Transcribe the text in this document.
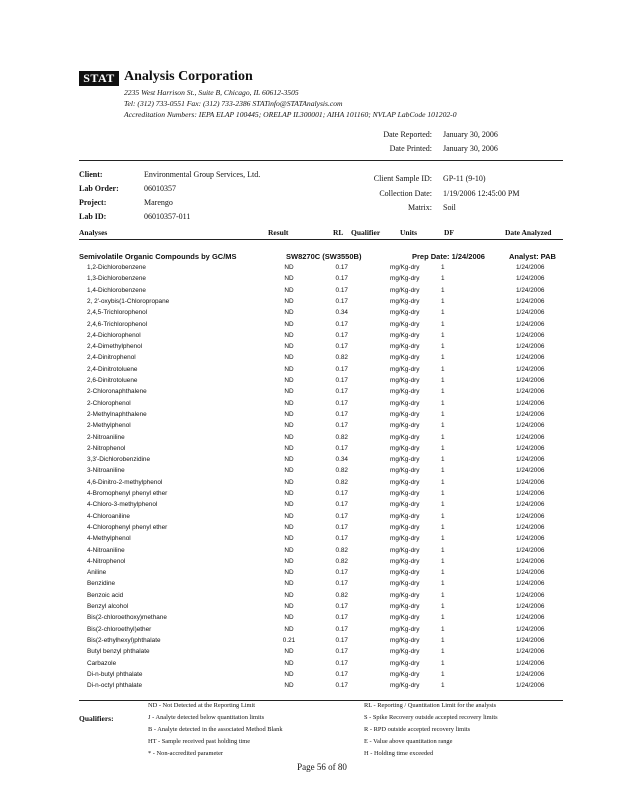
STAT Analysis Corporation
2235 West Harrison St., Suite B, Chicago, IL 60612-3505
Tel: (312) 733-0551 Fax: (312) 733-2386 STATinfo@STATAnalysis.com
Accreditation Numbers: IEPA ELAP 100445; ORELAP IL300001; AIHA 101160; NVLAP LabCode 101202-0
Date Reported: January 30, 2006
Date Printed: January 30, 2006
Client:	Environmental Group Services, Ltd.
Lab Order:	06010357
Project:	Marengo
Lab ID:	06010357-011
Client Sample ID: GP-11 (9-10)
Collection Date: 1/19/2006 12:45:00 PM
Matrix: Soil
Analyses	Result	RL Qualifier	Units	DF	Date Analyzed
Semivolatile Organic Compounds by GC/MS	SW8270C (SW3550B)	Prep Date: 1/24/2006	Analyst: PAB
1,2-Dichlorobenzene	ND	0.17	mg/Kg-dry	1	1/24/2006
1,3-Dichlorobenzene	ND	0.17	mg/Kg-dry	1	1/24/2006
1,4-Dichlorobenzene	ND	0.17	mg/Kg-dry	1	1/24/2006
2, 2'-oxybis(1-Chloropropane	ND	0.17	mg/Kg-dry	1	1/24/2006
2,4,5-Trichlorophenol	ND	0.34	mg/Kg-dry	1	1/24/2006
2,4,6-Trichlorophenol	ND	0.17	mg/Kg-dry	1	1/24/2006
2,4-Dichlorophenol	ND	0.17	mg/Kg-dry	1	1/24/2006
2,4-Dimethylphenol	ND	0.17	mg/Kg-dry	1	1/24/2006
2,4-Dinitrophenol	ND	0.82	mg/Kg-dry	1	1/24/2006
2,4-Dinitrotoluene	ND	0.17	mg/Kg-dry	1	1/24/2006
2,6-Dinitrotoluene	ND	0.17	mg/Kg-dry	1	1/24/2006
2-Chloronaphthalene	ND	0.17	mg/Kg-dry	1	1/24/2006
2-Chlorophenol	ND	0.17	mg/Kg-dry	1	1/24/2006
2-Methylnaphthalene	ND	0.17	mg/Kg-dry	1	1/24/2006
2-Methylphenol	ND	0.17	mg/Kg-dry	1	1/24/2006
2-Nitroaniline	ND	0.82	mg/Kg-dry	1	1/24/2006
2-Nitrophenol	ND	0.17	mg/Kg-dry	1	1/24/2006
3,3'-Dichlorobenzidine	ND	0.34	mg/Kg-dry	1	1/24/2006
3-Nitroaniline	ND	0.82	mg/Kg-dry	1	1/24/2006
4,6-Dinitro-2-methylphenol	ND	0.82	mg/Kg-dry	1	1/24/2006
4-Bromophenyl phenyl ether	ND	0.17	mg/Kg-dry	1	1/24/2006
4-Chloro-3-methylphenol	ND	0.17	mg/Kg-dry	1	1/24/2006
4-Chloroaniline	ND	0.17	mg/Kg-dry	1	1/24/2006
4-Chlorophenyl phenyl ether	ND	0.17	mg/Kg-dry	1	1/24/2006
4-Methylphenol	ND	0.17	mg/Kg-dry	1	1/24/2006
4-Nitroaniline	ND	0.82	mg/Kg-dry	1	1/24/2006
4-Nitrophenol	ND	0.82	mg/Kg-dry	1	1/24/2006
Aniline	ND	0.17	mg/Kg-dry	1	1/24/2006
Benzidine	ND	0.17	mg/Kg-dry	1	1/24/2006
Benzoic acid	ND	0.82	mg/Kg-dry	1	1/24/2006
Benzyl alcohol	ND	0.17	mg/Kg-dry	1	1/24/2006
Bis(2-chloroethoxy)methane	ND	0.17	mg/Kg-dry	1	1/24/2006
Bis(2-chloroethyl)ether	ND	0.17	mg/Kg-dry	1	1/24/2006
Bis(2-ethylhexyl)phthalate	0.21	0.17	mg/Kg-dry	1	1/24/2006
Butyl benzyl phthalate	ND	0.17	mg/Kg-dry	1	1/24/2006
Carbazole	ND	0.17	mg/Kg-dry	1	1/24/2006
Di-n-butyl phthalate	ND	0.17	mg/Kg-dry	1	1/24/2006
Di-n-octyl phthalate	ND	0.17	mg/Kg-dry	1	1/24/2006
Qualifiers:
ND - Not Detected at the Reporting Limit
J - Analyte detected below quantitation limits
B - Analyte detected in the associated Method Blank
HT - Sample received past holding time
* - Non-accredited parameter
RL - Reporting / Quantitation Limit for the analysis
S - Spike Recovery outside accepted recovery limits
R - RPD outside accepted recovery limits
E - Value above quantitation range
H - Holding time exceeded
Page 56 of 80
